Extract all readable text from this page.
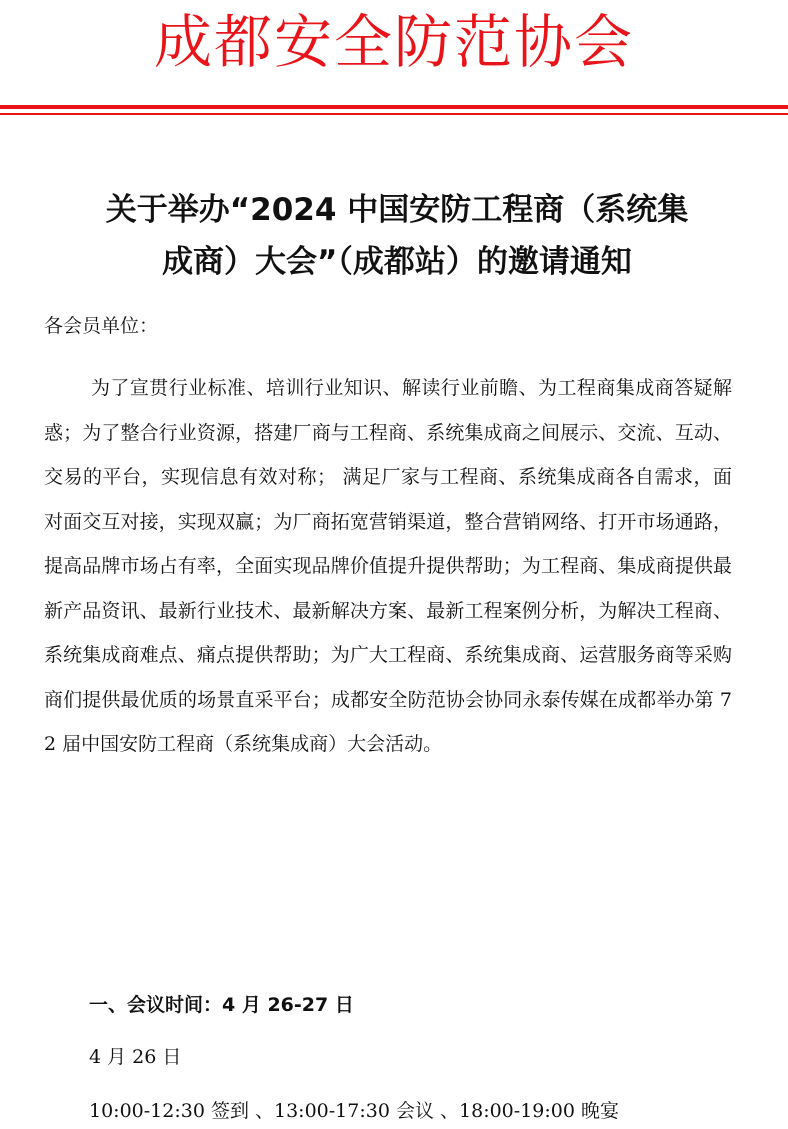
成都安全防范协会
关于举办“2024 中国安防工程商（系统集
成商）大会”（成都站）的邀请通知
各会员单位：

为了宣贯行业标准、培训行业知识、解读行业前瞻、为工程商集成商答疑解惑；为了整合行业资源，搭建厂商与工程商、系统集成商之间展示、交流、互动、交易的平台，实现信息有效对称； 满足厂家与工程商、系统集成商各自需求，面对面交互对接，实现双赢；为厂商拓宽营销渠道，整合营销网络、打开市场通路，提高品牌市场占有率，全面实现品牌价值提升提供帮助；为工程商、集成商提供最新产品资讯、最新行业技术、最新解决方案、最新工程案例分析，为解决工程商、系统集成商难点、痛点提供帮助；为广大工程商、系统集成商、运营服务商等采购商们提供最优质的场景直采平台；成都安全防范协会协同永泰传媒在成都举办第 72 届中国安防工程商（系统集成商）大会活动。

一、会议时间：4 月 26-27 日
4 月 26 日
10:00-12:30 签到 、13:00-17:30 会议 、18:00-19:00 晚宴
